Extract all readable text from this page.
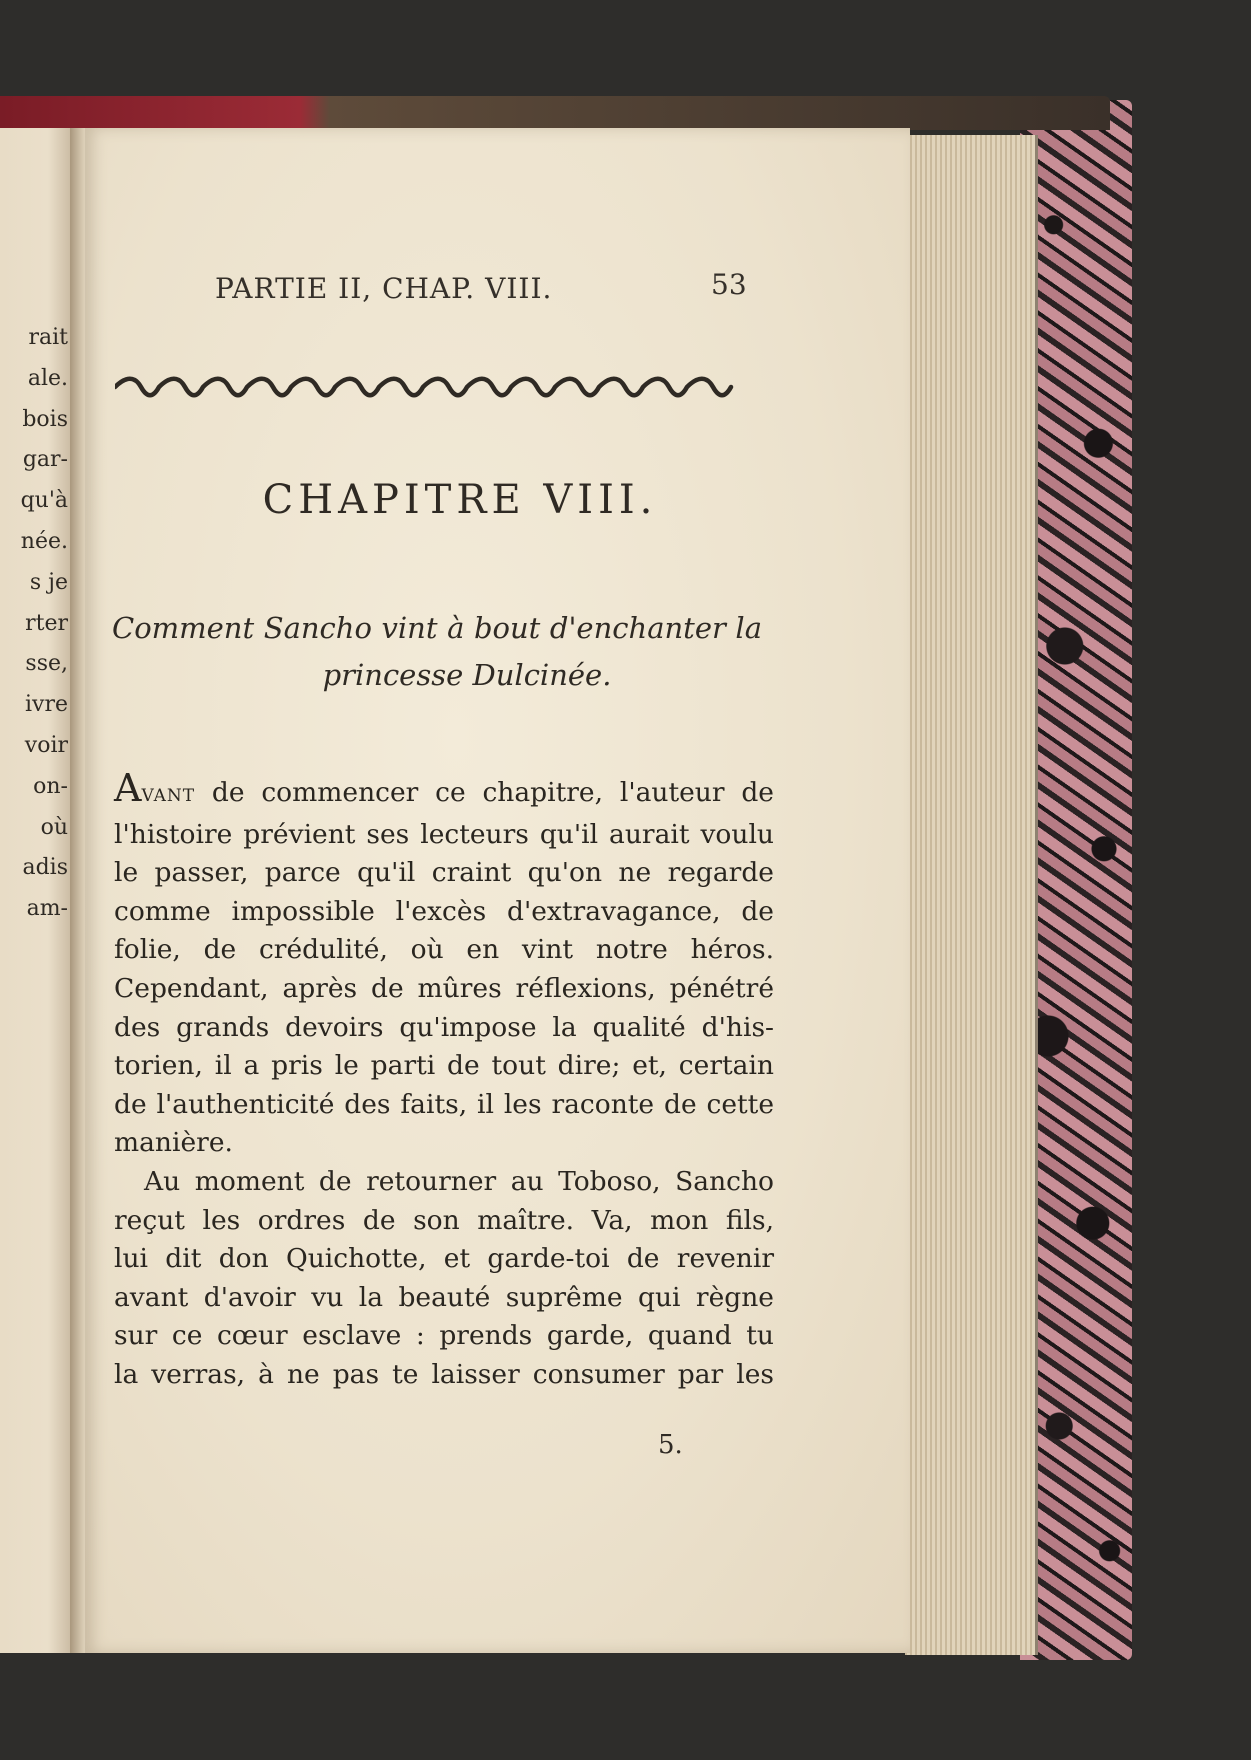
rait
ale.
bois
gar-
qu'à
née.
s je
rter
sse,
ivre
voir
on-
où
adis
am-
PARTIE II, CHAP. VIII.	53
CHAPITRE VIII.
Comment Sancho vint à bout d'enchanter la
princesse Dulcinée.
AVANT de commencer ce chapitre, l'auteur de
l'histoire prévient ses lecteurs qu'il aurait voulu
le passer, parce qu'il craint qu'on ne regarde
comme impossible l'excès d'extravagance, de
folie, de crédulité, où en vint notre héros.
Cependant, après de mûres réflexions, pénétré
des grands devoirs qu'impose la qualité d'his-
torien, il a pris le parti de tout dire; et, certain
de l'authenticité des faits, il les raconte de cette
manière.
Au moment de retourner au Toboso, Sancho
reçut les ordres de son maître. Va, mon fils,
lui dit don Quichotte, et garde-toi de revenir
avant d'avoir vu la beauté suprême qui règne
sur ce cœur esclave : prends garde, quand tu
la verras, à ne pas te laisser consumer par les
5.
